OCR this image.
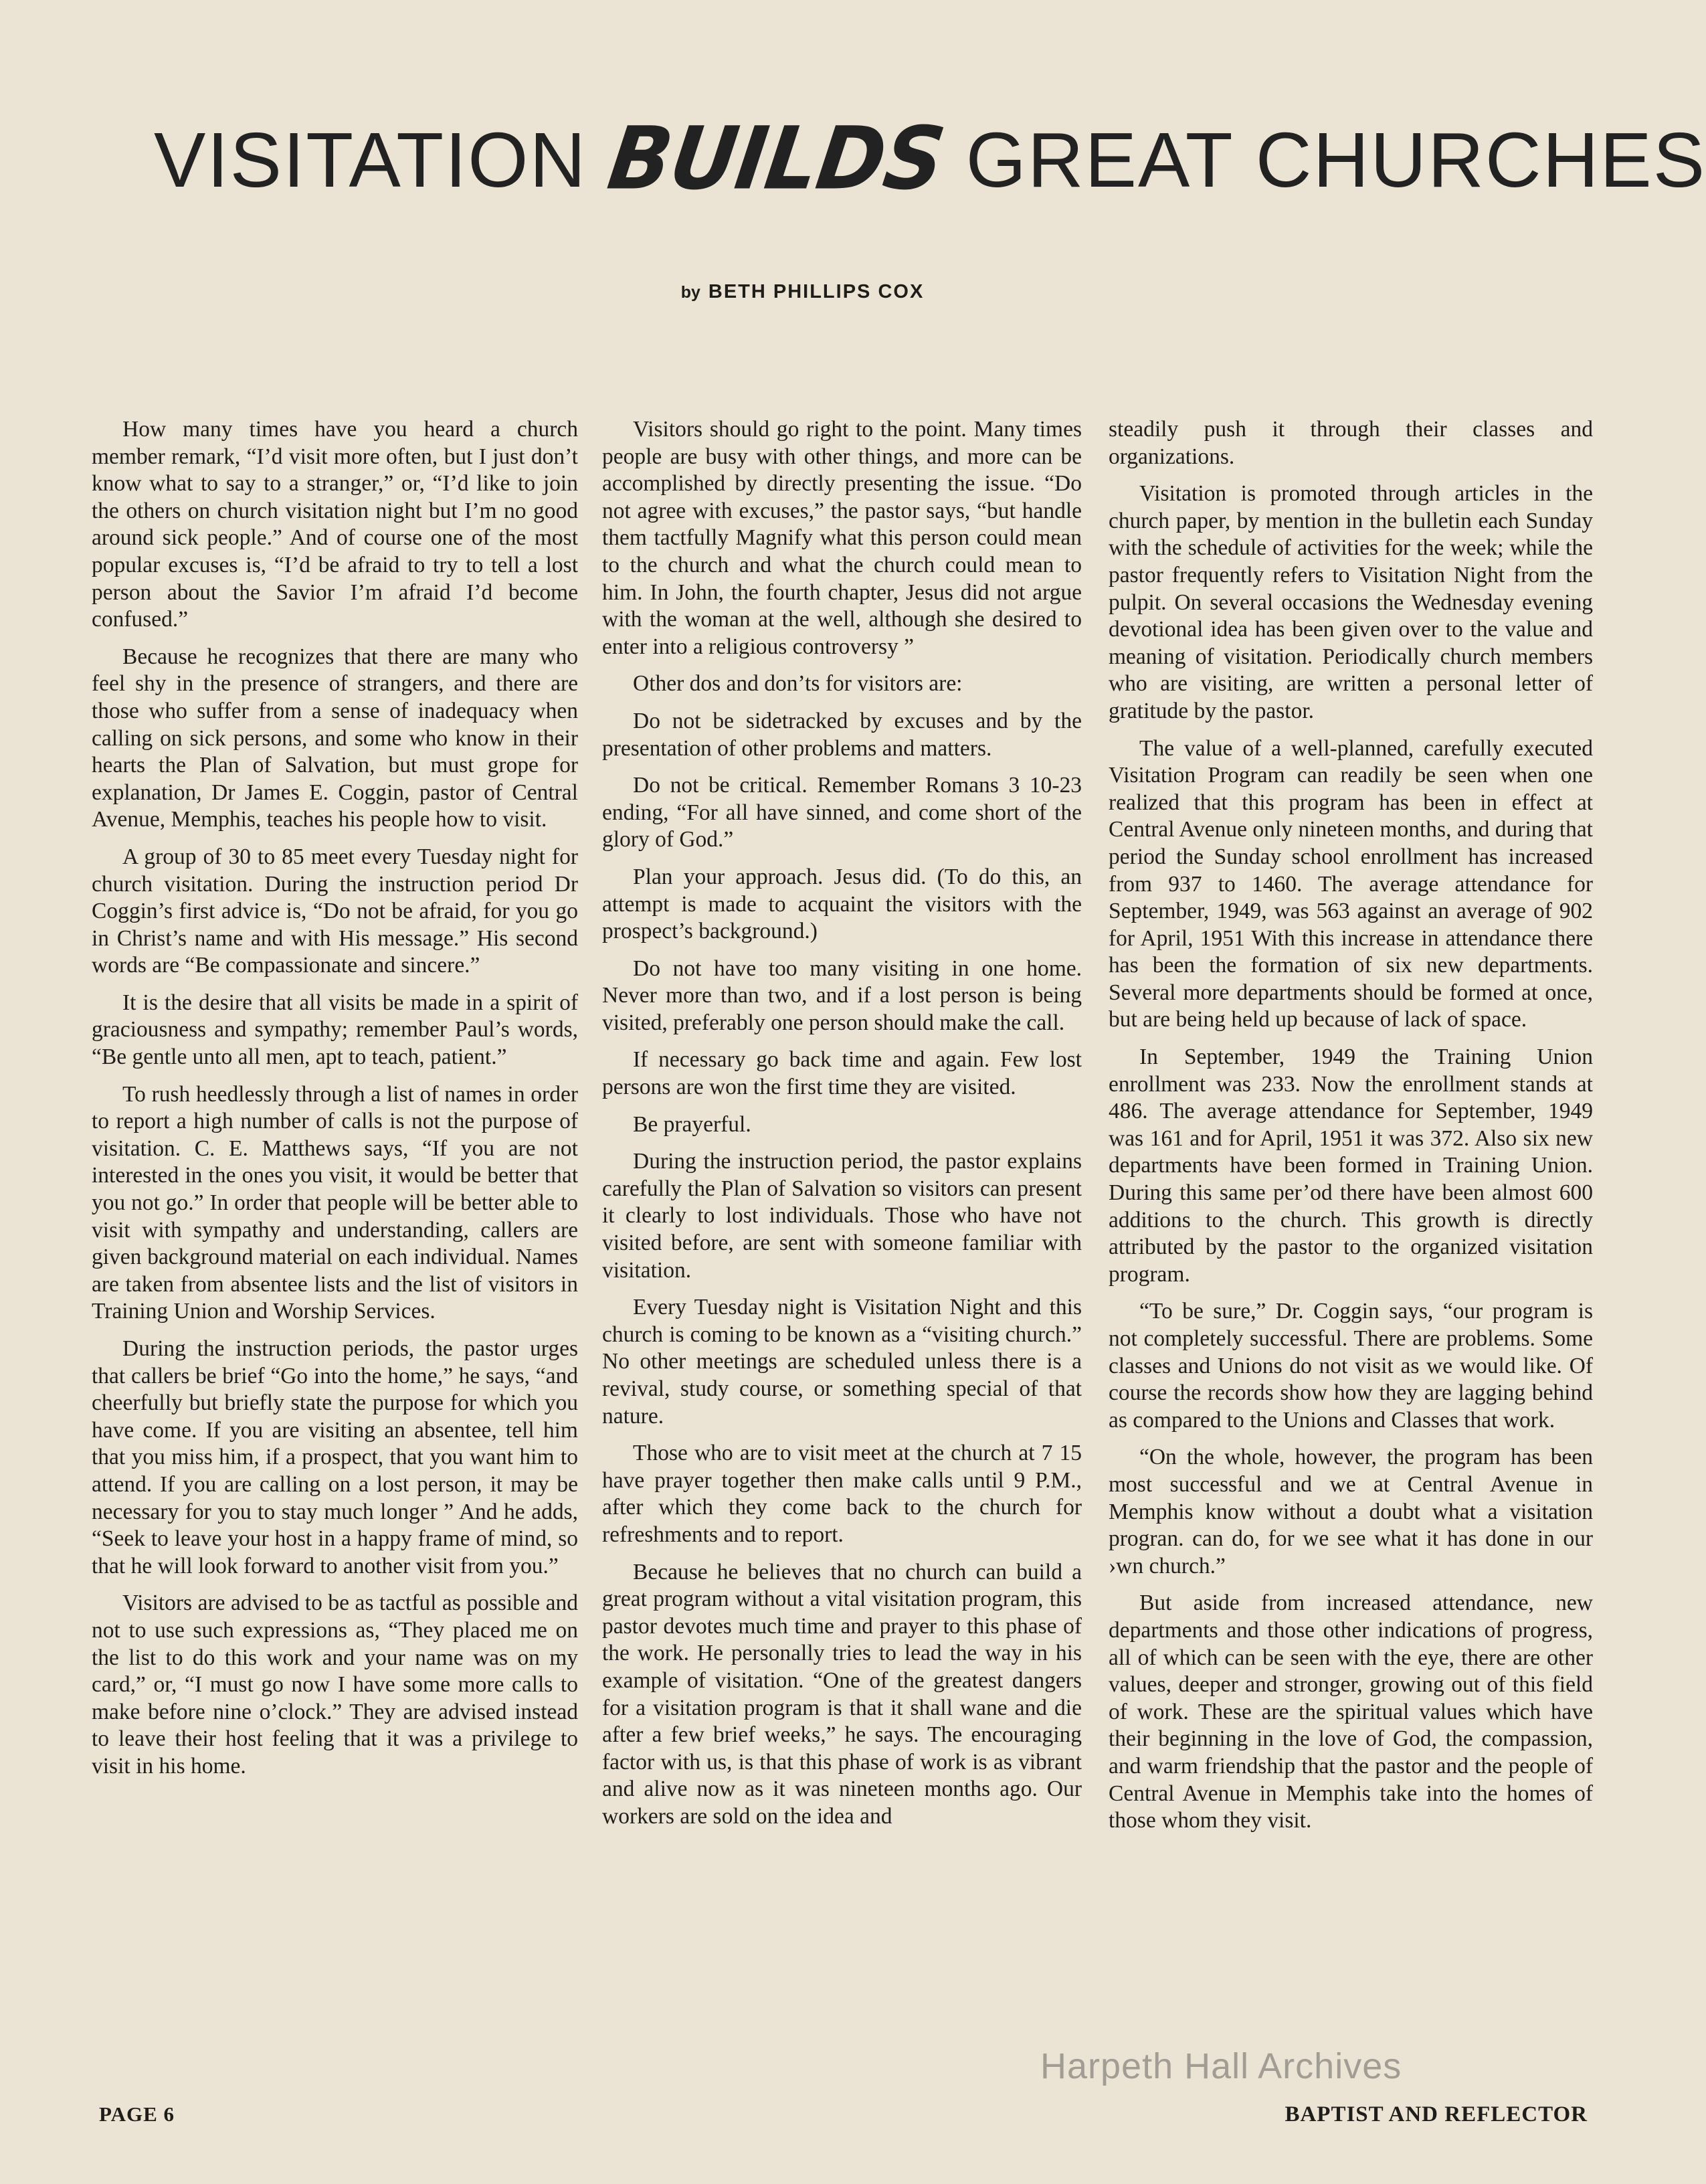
VISITATION BUILDS GREAT CHURCHES
by BETH PHILLIPS COX

How many times have you heard a church member remark, “I’d visit more often, but I just don’t know what to say to a stranger,” or, “I’d like to join the others on church visitation night but I’m no good around sick people.” And of course one of the most popular excuses is, “I’d be afraid to try to tell a lost person about the Savior I’m afraid I’d become confused.”

Because he recognizes that there are many who feel shy in the presence of strangers, and there are those who suffer from a sense of inadequacy when calling on sick persons, and some who know in their hearts the Plan of Salvation, but must grope for explanation, Dr James E. Coggin, pastor of Central Avenue, Memphis, teaches his people how to visit.

A group of 30 to 85 meet every Tuesday night for church visitation. During the instruction period Dr Coggin’s first advice is, “Do not be afraid, for you go in Christ’s name and with His message.” His second words are “Be compassionate and sincere.”

It is the desire that all visits be made in a spirit of graciousness and sympathy; remember Paul’s words, “Be gentle unto all men, apt to teach, patient.”

To rush heedlessly through a list of names in order to report a high number of calls is not the purpose of visitation. C. E. Matthews says, “If you are not interested in the ones you visit, it would be better that you not go.” In order that people will be better able to visit with sympathy and understanding, callers are given background material on each individual. Names are taken from absentee lists and the list of visitors in Training Union and Worship Services.

During the instruction periods, the pastor urges that callers be brief “Go into the home,” he says, “and cheerfully but briefly state the purpose for which you have come. If you are visiting an absentee, tell him that you miss him, if a prospect, that you want him to attend. If you are calling on a lost person, it may be necessary for you to stay much longer ” And he adds, “Seek to leave your host in a happy frame of mind, so that he will look forward to another visit from you.”

Visitors are advised to be as tactful as possible and not to use such expressions as, “They placed me on the list to do this work and your name was on my card,” or, “I must go now I have some more calls to make before nine o’clock.” They are advised instead to leave their host feeling that it was a privilege to visit in his home.

Visitors should go right to the point. Many times people are busy with other things, and more can be accomplished by directly presenting the issue. “Do not agree with excuses,” the pastor says, “but handle them tactfully Magnify what this person could mean to the church and what the church could mean to him. In John, the fourth chapter, Jesus did not argue with the woman at the well, although she desired to enter into a religious controversy ”

Other dos and don’ts for visitors are:

Do not be sidetracked by excuses and by the presentation of other problems and matters.

Do not be critical. Remember Romans 3 10-23 ending, “For all have sinned, and come short of the glory of God.”

Plan your approach. Jesus did. (To do this, an attempt is made to acquaint the visitors with the prospect’s background.)

Do not have too many visiting in one home. Never more than two, and if a lost person is being visited, preferably one person should make the call.

If necessary go back time and again. Few lost persons are won the first time they are visited.

Be prayerful.

During the instruction period, the pastor explains carefully the Plan of Salvation so visitors can present it clearly to lost individuals. Those who have not visited before, are sent with someone familiar with visitation.

Every Tuesday night is Visitation Night and this church is coming to be known as a “visiting church.” No other meetings are scheduled unless there is a revival, study course, or something special of that nature.

Those who are to visit meet at the church at 7 15 have prayer together then make calls until 9 P.M., after which they come back to the church for refreshments and to report.

Because he believes that no church can build a great program without a vital visitation program, this pastor devotes much time and prayer to this phase of the work. He personally tries to lead the way in his example of visitation. “One of the greatest dangers for a visitation program is that it shall wane and die after a few brief weeks,” he says. The encouraging factor with us, is that this phase of work is as vibrant and alive now as it was nineteen months ago. Our workers are sold on the idea and

steadily push it through their classes and organizations.

Visitation is promoted through articles in the church paper, by mention in the bulletin each Sunday with the schedule of activities for the week; while the pastor frequently refers to Visitation Night from the pulpit. On several occasions the Wednesday evening devotional idea has been given over to the value and meaning of visitation. Periodically church members who are visiting, are written a personal letter of gratitude by the pastor.

The value of a well-planned, carefully executed Visitation Program can readily be seen when one realized that this program has been in effect at Central Avenue only nineteen months, and during that period the Sunday school enrollment has increased from 937 to 1460. The average attendance for September, 1949, was 563 against an average of 902 for April, 1951 With this increase in attendance there has been the formation of six new departments. Several more departments should be formed at once, but are being held up because of lack of space.

In September, 1949 the Training Union enrollment was 233. Now the enrollment stands at 486. The average attendance for September, 1949 was 161 and for April, 1951 it was 372. Also six new departments have been formed in Training Union. During this same per’od there have been almost 600 additions to the church. This growth is directly attributed by the pastor to the organized visitation program.

“To be sure,” Dr. Coggin says, “our program is not completely successful. There are problems. Some classes and Unions do not visit as we would like. Of course the records show how they are lagging behind as compared to the Unions and Classes that work.

“On the whole, however, the program has been most successful and we at Central Avenue in Memphis know without a doubt what a visitation progran. can do, for we see what it has done in our ›wn church.”

But aside from increased attendance, new departments and those other indications of progress, all of which can be seen with the eye, there are other values, deeper and stronger, growing out of this field of work. These are the spiritual values which have their beginning in the love of God, the compassion, and warm friendship that the pastor and the people of Central Avenue in Memphis take into the homes of those whom they visit.

Harpeth Hall Archives
PAGE 6	BAPTIST AND REFLECTOR
